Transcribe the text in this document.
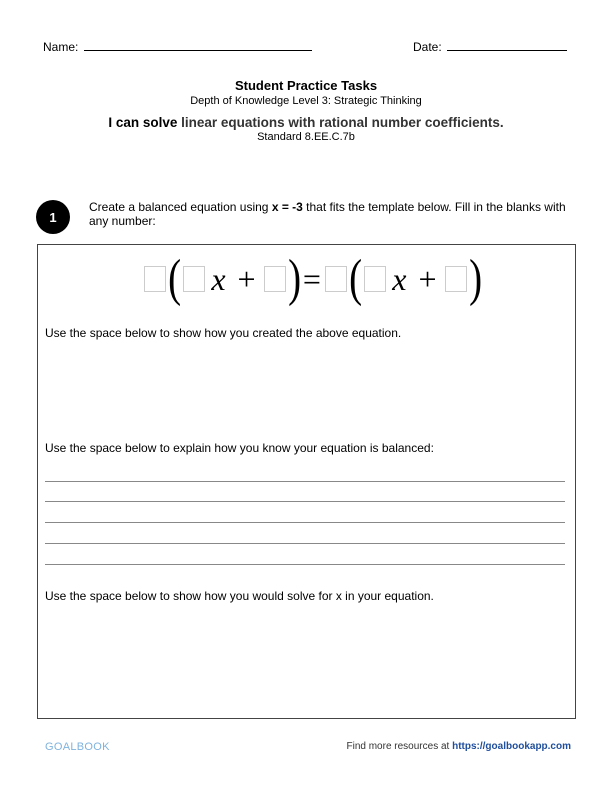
Name:	Date:
Student Practice Tasks
Depth of Knowledge Level 3: Strategic Thinking
I can solve linear equations with rational number coefficients.
Standard 8.EE.C.7b
1
Create a balanced equation using x = -3 that fits the template below. Fill in the blanks with any number:
( x + ) = ( x + )
Use the space below to show how you created the above equation.
Use the space below to explain how you know your equation is balanced:
Use the space below to show how you would solve for x in your equation.
GOALBOOK	Find more resources at https://goalbookapp.com
